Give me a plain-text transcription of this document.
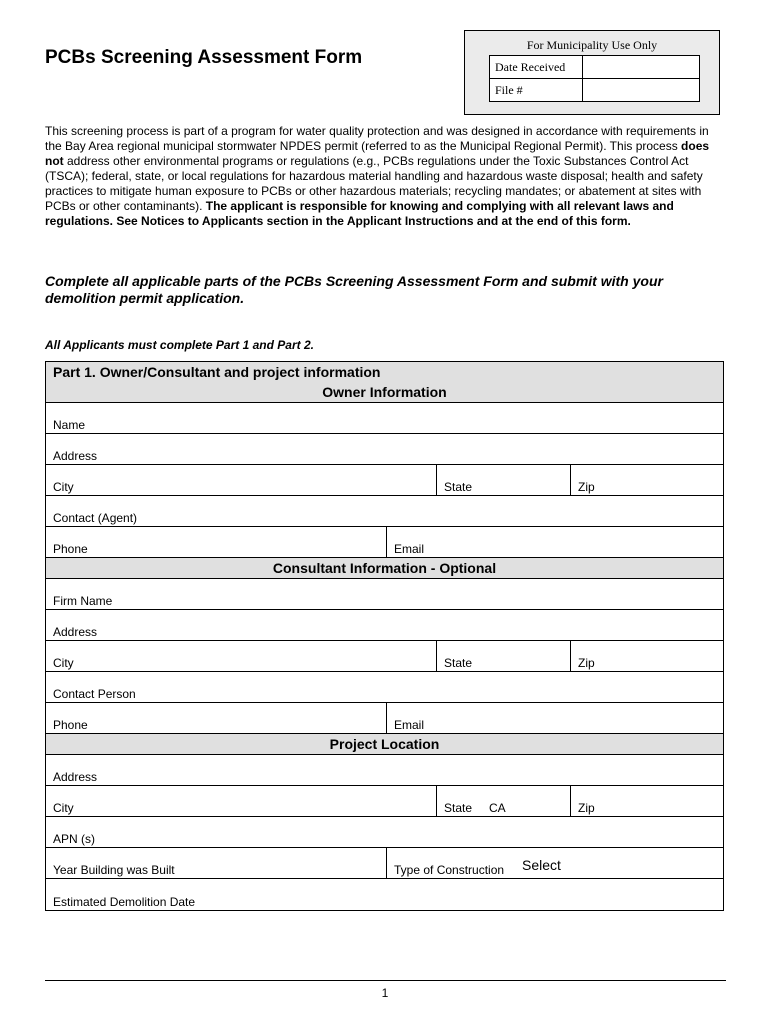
PCBs Screening Assessment Form
For Municipality Use Only
Date Received	
File #	

This screening process is part of a program for water quality protection and was designed in accordance with requirements in the Bay Area regional municipal stormwater NPDES permit (referred to as the Municipal Regional Permit). This process does not address other environmental programs or regulations (e.g., PCBs regulations under the Toxic Substances Control Act (TSCA); federal, state, or local regulations for hazardous material handling and hazardous waste disposal; health and safety practices to mitigate human exposure to PCBs or other hazardous materials; recycling mandates; or abatement at sites with PCBs or other contaminants). The applicant is responsible for knowing and complying with all relevant laws and regulations. See Notices to Applicants section in the Applicant Instructions and at the end of this form.

Complete all applicable parts of the PCBs Screening Assessment Form and submit with your demolition permit application.

All Applicants must complete Part 1 and Part 2.

Part 1. Owner/Consultant and project information
Owner Information
Name
Address
City	State	Zip
Contact (Agent)
Phone	Email
Consultant Information - Optional
Firm Name
Address
City	State	Zip
Contact Person
Phone	Email
Project Location
Address
City	State CA	Zip
APN (s)
Year Building was Built	Type of Construction Select
Estimated Demolition Date

1
